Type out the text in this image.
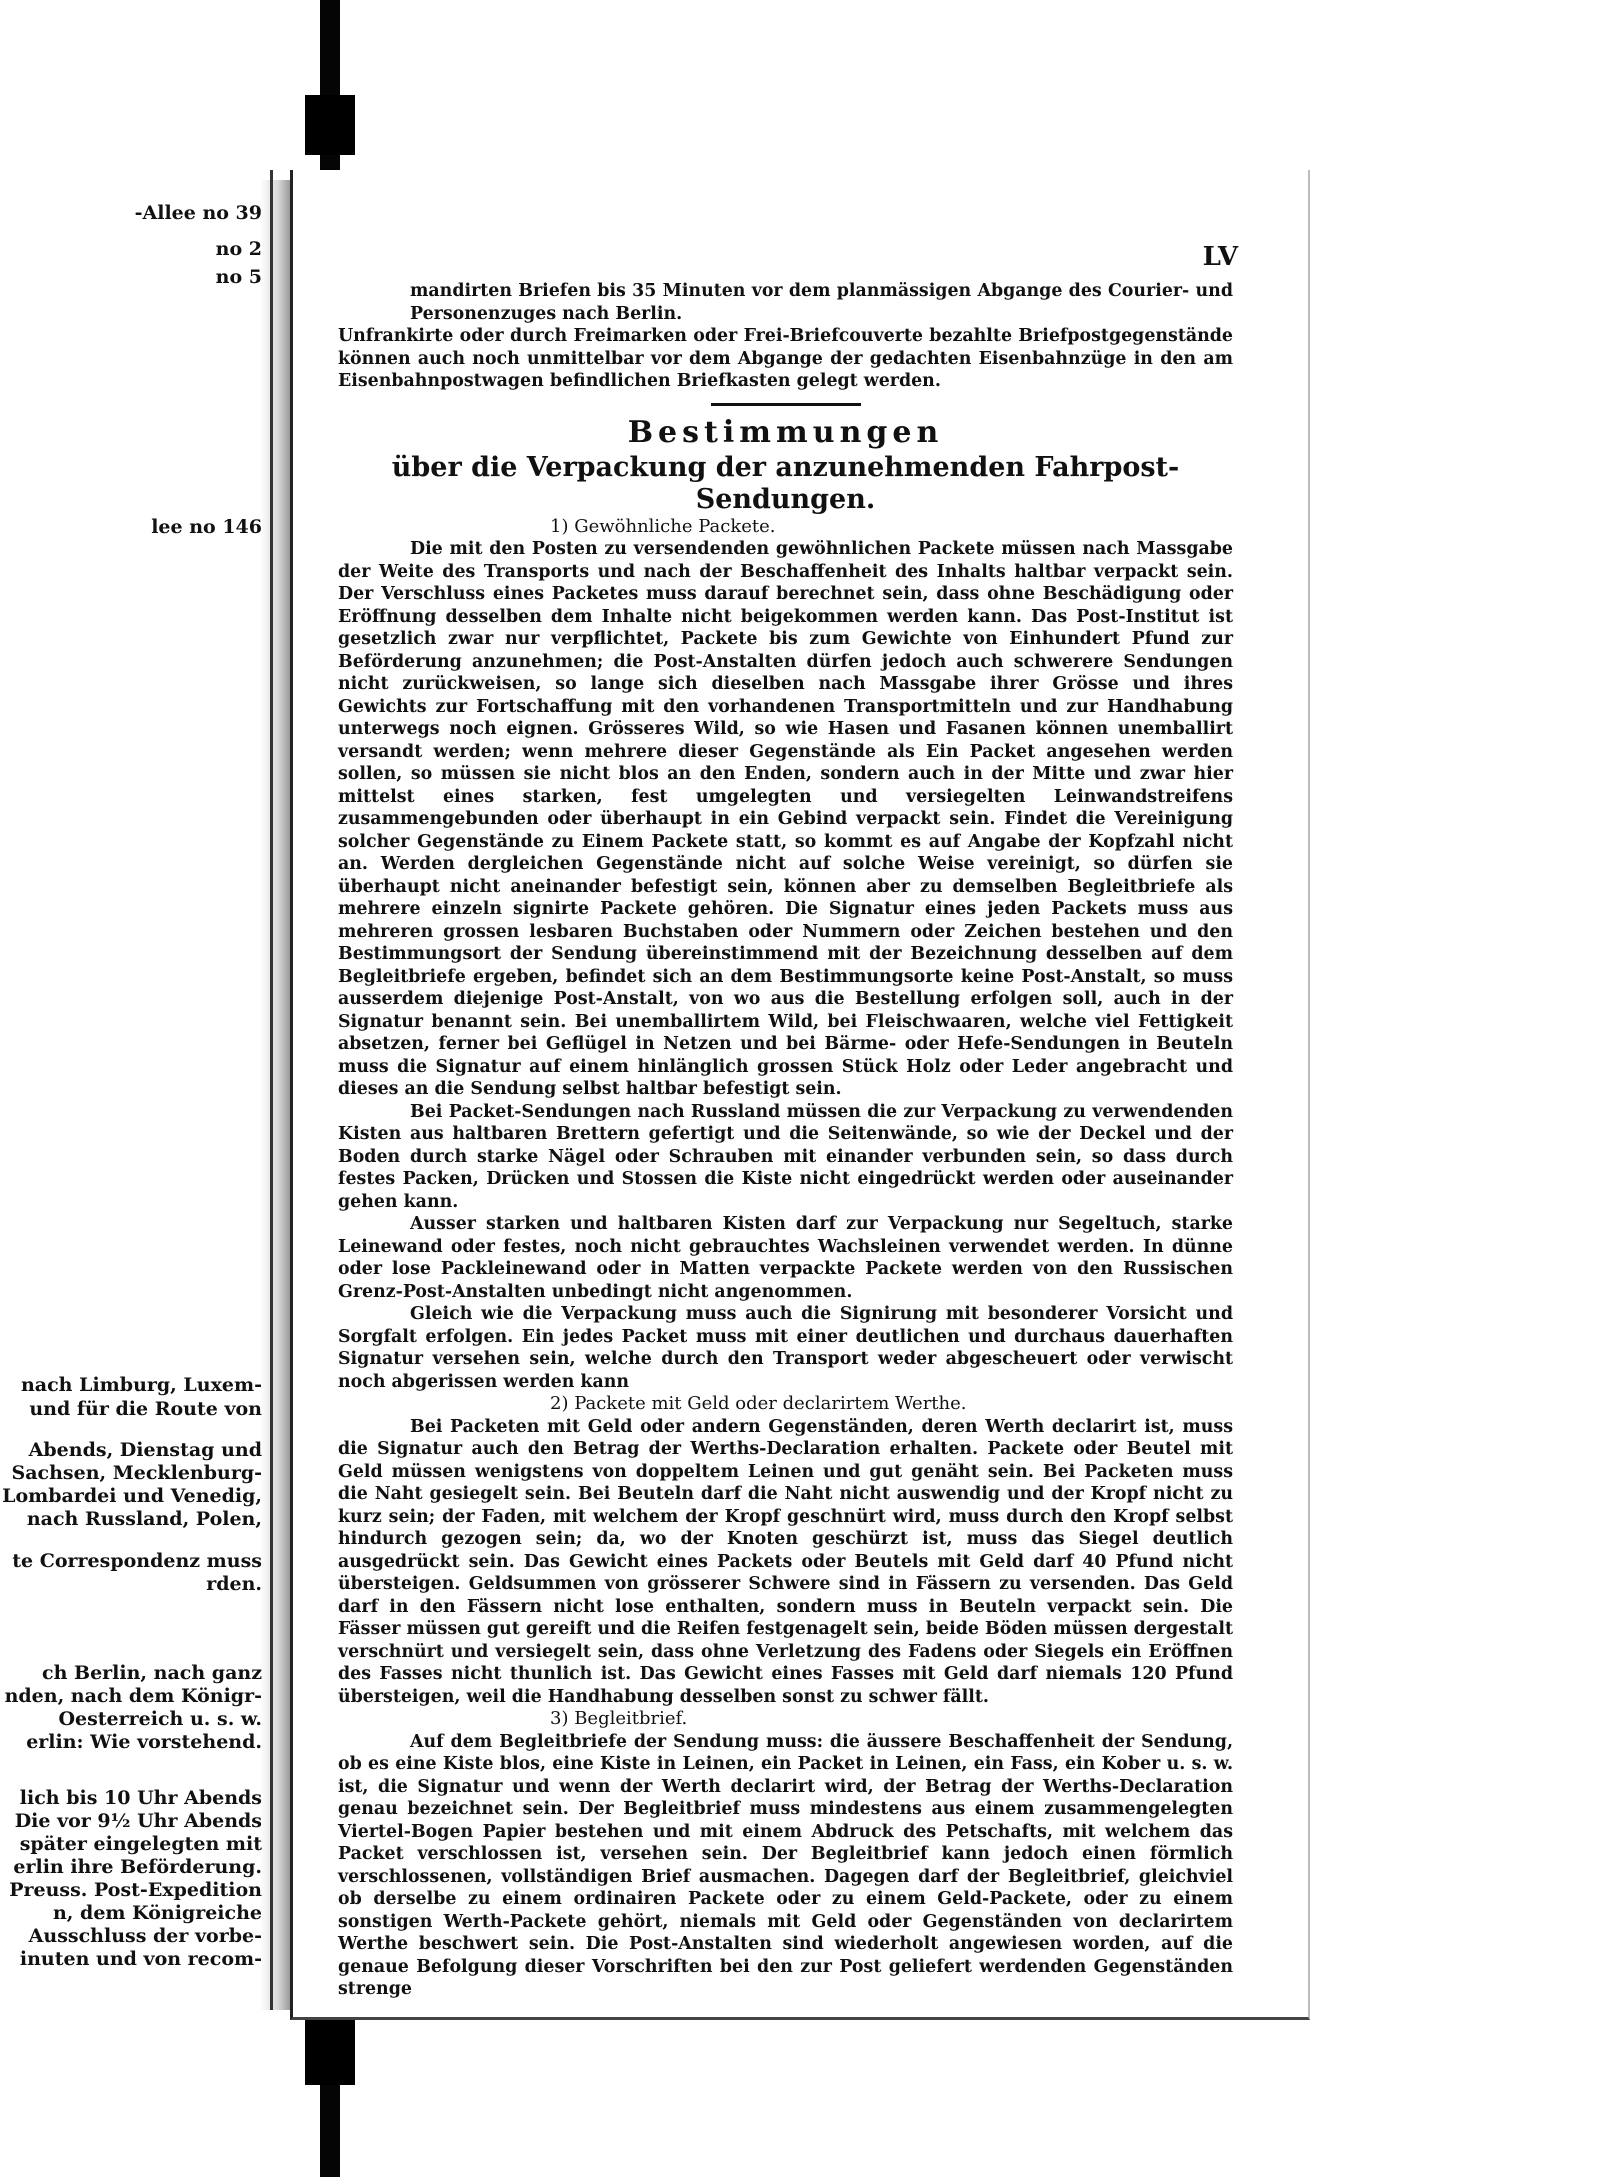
-Allee no 39
no 2
no 5
lee no 146
nach Limburg, Luxem-
und für die Route von
Abends, Dienstag und
Sachsen, Mecklenburg-
Lombardei und Venedig,
nach Russland, Polen,
te Correspondenz muss
rden.
ch Berlin, nach ganz
nden, nach dem Königr-
Oesterreich u. s. w.
erlin: Wie vorstehend.
lich bis 10 Uhr Abends
Die vor 9½ Uhr Abends
später eingelegten mit
erlin ihre Beförderung.
Preuss. Post-Expedition
n, dem Königreiche
Ausschluss der vorbe-
inuten und von recom-
LV

mandirten Briefen bis 35 Minuten vor dem planmässigen Abgange des Courier- und Personenzuges nach Berlin.

Unfrankirte oder durch Freimarken oder Frei-Briefcouverte bezahlte Briefpostgegenstände können auch noch unmittelbar vor dem Abgange der gedachten Eisenbahnzüge in den am Eisenbahnpostwagen befindlichen Briefkasten gelegt werden.

Bestimmungen
über die Verpackung der anzunehmenden Fahrpost-Sendungen.

1) Gewöhnliche Packete.

Die mit den Posten zu versendenden gewöhnlichen Packete müssen nach Massgabe der Weite des Transports und nach der Beschaffenheit des Inhalts haltbar verpackt sein. Der Verschluss eines Packetes muss darauf berechnet sein, dass ohne Beschädigung oder Eröffnung desselben dem Inhalte nicht beigekommen werden kann. Das Post-Institut ist gesetzlich zwar nur verpflichtet, Packete bis zum Gewichte von Einhundert Pfund zur Beförderung anzunehmen; die Post-Anstalten dürfen jedoch auch schwerere Sendungen nicht zurückweisen, so lange sich dieselben nach Massgabe ihrer Grösse und ihres Gewichts zur Fortschaffung mit den vorhandenen Transportmitteln und zur Handhabung unterwegs noch eignen. Grösseres Wild, so wie Hasen und Fasanen können unemballirt versandt werden; wenn mehrere dieser Gegenstände als Ein Packet angesehen werden sollen, so müssen sie nicht blos an den Enden, sondern auch in der Mitte und zwar hier mittelst eines starken, fest umgelegten und versiegelten Leinwandstreifens zusammengebunden oder überhaupt in ein Gebind verpackt sein. Findet die Vereinigung solcher Gegenstände zu Einem Packete statt, so kommt es auf Angabe der Kopfzahl nicht an. Werden dergleichen Gegenstände nicht auf solche Weise vereinigt, so dürfen sie überhaupt nicht aneinander befestigt sein, können aber zu demselben Begleitbriefe als mehrere einzeln signirte Packete gehören. Die Signatur eines jeden Packets muss aus mehreren grossen lesbaren Buchstaben oder Nummern oder Zeichen bestehen und den Bestimmungsort der Sendung übereinstimmend mit der Bezeichnung desselben auf dem Begleitbriefe ergeben, befindet sich an dem Bestimmungsorte keine Post-Anstalt, so muss ausserdem diejenige Post-Anstalt, von wo aus die Bestellung erfolgen soll, auch in der Signatur benannt sein. Bei unemballirtem Wild, bei Fleischwaaren, welche viel Fettigkeit absetzen, ferner bei Geflügel in Netzen und bei Bärme- oder Hefe-Sendungen in Beuteln muss die Signatur auf einem hinlänglich grossen Stück Holz oder Leder angebracht und dieses an die Sendung selbst haltbar befestigt sein.

Bei Packet-Sendungen nach Russland müssen die zur Verpackung zu verwendenden Kisten aus haltbaren Brettern gefertigt und die Seitenwände, so wie der Deckel und der Boden durch starke Nägel oder Schrauben mit einander verbunden sein, so dass durch festes Packen, Drücken und Stossen die Kiste nicht eingedrückt werden oder auseinander gehen kann.

Ausser starken und haltbaren Kisten darf zur Verpackung nur Segeltuch, starke Leinewand oder festes, noch nicht gebrauchtes Wachsleinen verwendet werden. In dünne oder lose Packleinewand oder in Matten verpackte Packete werden von den Russischen Grenz-Post-Anstalten unbedingt nicht angenommen.

Gleich wie die Verpackung muss auch die Signirung mit besonderer Vorsicht und Sorgfalt erfolgen. Ein jedes Packet muss mit einer deutlichen und durchaus dauerhaften Signatur versehen sein, welche durch den Transport weder abgescheuert oder verwischt noch abgerissen werden kann

2) Packete mit Geld oder declarirtem Werthe.

Bei Packeten mit Geld oder andern Gegenständen, deren Werth declarirt ist, muss die Signatur auch den Betrag der Werths-Declaration erhalten. Packete oder Beutel mit Geld müssen wenigstens von doppeltem Leinen und gut genäht sein. Bei Packeten muss die Naht gesiegelt sein. Bei Beuteln darf die Naht nicht auswendig und der Kropf nicht zu kurz sein; der Faden, mit welchem der Kropf geschnürt wird, muss durch den Kropf selbst hindurch gezogen sein; da, wo der Knoten geschürzt ist, muss das Siegel deutlich ausgedrückt sein. Das Gewicht eines Packets oder Beutels mit Geld darf 40 Pfund nicht übersteigen. Geldsummen von grösserer Schwere sind in Fässern zu versenden. Das Geld darf in den Fässern nicht lose enthalten, sondern muss in Beuteln verpackt sein. Die Fässer müssen gut gereift und die Reifen festgenagelt sein, beide Böden müssen dergestalt verschnürt und versiegelt sein, dass ohne Verletzung des Fadens oder Siegels ein Eröffnen des Fasses nicht thunlich ist. Das Gewicht eines Fasses mit Geld darf niemals 120 Pfund übersteigen, weil die Handhabung desselben sonst zu schwer fällt.

3) Begleitbrief.

Auf dem Begleitbriefe der Sendung muss: die äussere Beschaffenheit der Sendung, ob es eine Kiste blos, eine Kiste in Leinen, ein Packet in Leinen, ein Fass, ein Kober u. s. w. ist, die Signatur und wenn der Werth declarirt wird, der Betrag der Werths-Declaration genau bezeichnet sein. Der Begleitbrief muss mindestens aus einem zusammengelegten Viertel-Bogen Papier bestehen und mit einem Abdruck des Petschafts, mit welchem das Packet verschlossen ist, versehen sein. Der Begleitbrief kann jedoch einen förmlich verschlossenen, vollständigen Brief ausmachen. Dagegen darf der Begleitbrief, gleichviel ob derselbe zu einem ordinairen Packete oder zu einem Geld-Packete, oder zu einem sonstigen Werth-Packete gehört, niemals mit Geld oder Gegenständen von declarirtem Werthe beschwert sein. Die Post-Anstalten sind wiederholt angewiesen worden, auf die genaue Befolgung dieser Vorschriften bei den zur Post geliefert werdenden Gegenständen strenge
